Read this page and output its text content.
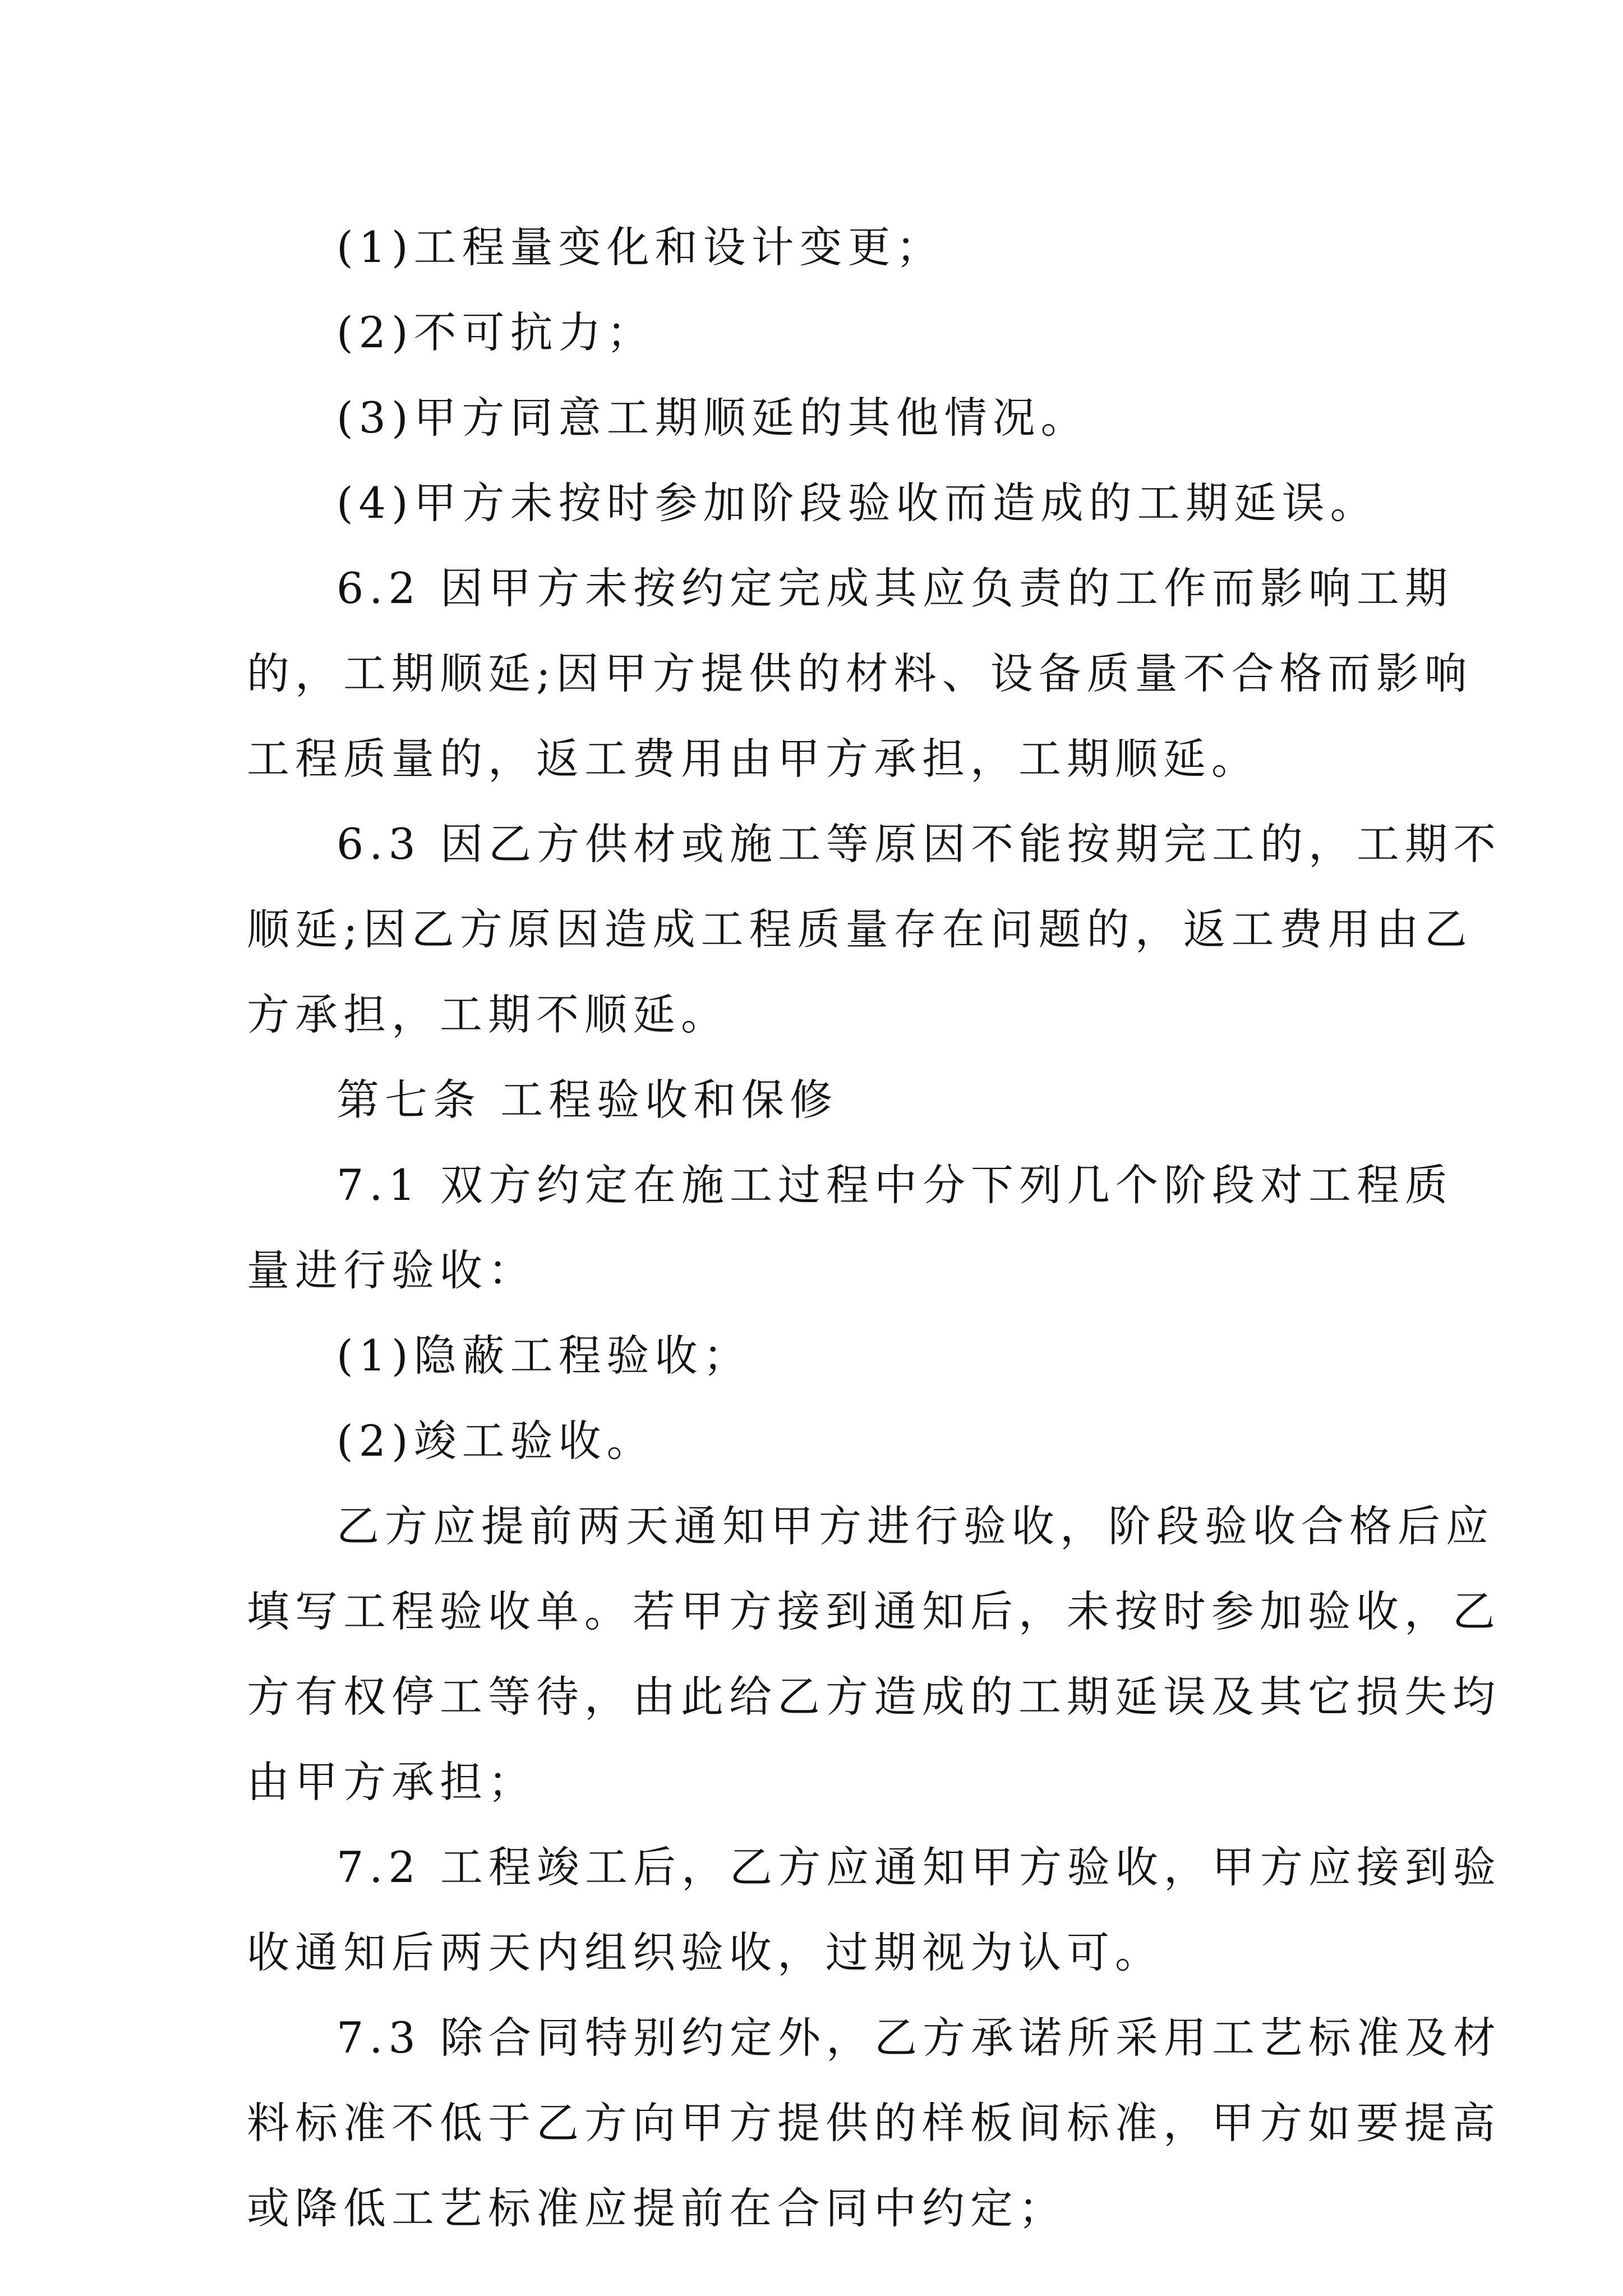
(1)工程量变化和设计变更；

(2)不可抗力；

(3)甲方同意工期顺延的其他情况。

(4)甲方未按时参加阶段验收而造成的工期延误。

6.2 因甲方未按约定完成其应负责的工作而影响工期

的，工期顺延;因甲方提供的材料、设备质量不合格而影响

工程质量的，返工费用由甲方承担，工期顺延。

6.3 因乙方供材或施工等原因不能按期完工的，工期不

顺延;因乙方原因造成工程质量存在问题的，返工费用由乙

方承担，工期不顺延。

第七条 工程验收和保修

7.1 双方约定在施工过程中分下列几个阶段对工程质

量进行验收：

(1)隐蔽工程验收；

(2)竣工验收。

乙方应提前两天通知甲方进行验收，阶段验收合格后应

填写工程验收单。若甲方接到通知后，未按时参加验收，乙

方有权停工等待，由此给乙方造成的工期延误及其它损失均

由甲方承担；

7.2 工程竣工后，乙方应通知甲方验收，甲方应接到验

收通知后两天内组织验收，过期视为认可。

7.3 除合同特别约定外，乙方承诺所采用工艺标准及材

料标准不低于乙方向甲方提供的样板间标准，甲方如要提高

或降低工艺标准应提前在合同中约定；
